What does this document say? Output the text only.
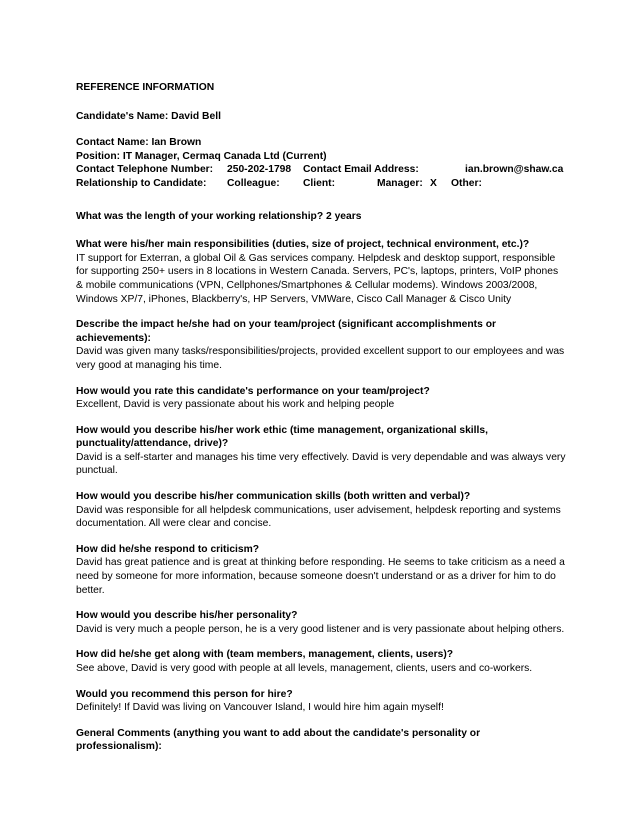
REFERENCE INFORMATION
Candidate's Name: David Bell
Contact Name: Ian Brown
Position: IT Manager, Cermaq Canada Ltd (Current)
Contact Telephone Number:	250-202-1798	Contact Email Address:	ian.brown@shaw.ca
Relationship to Candidate:	Colleague:	Client:	Manager: X	Other:
What was the length of your working relationship? 2 years
What were his/her main responsibilities (duties, size of project, technical environment, etc.)?
IT support for Exterran, a global Oil & Gas services company. Helpdesk and desktop support, responsible for supporting 250+ users in 8 locations in Western Canada. Servers, PC's, laptops, printers, VoIP phones & mobile communications (VPN, Cellphones/Smartphones & Cellular modems). Windows 2003/2008, Windows XP/7, iPhones, Blackberry's, HP Servers, VMWare, Cisco Call Manager & Cisco Unity
Describe the impact he/she had on your team/project (significant accomplishments or achievements):
David was given many tasks/responsibilities/projects, provided excellent support to our employees and was very good at managing his time.
How would you rate this candidate's performance on your team/project?
Excellent, David is very passionate about his work and helping people
How would you describe his/her work ethic (time management, organizational skills, punctuality/attendance, drive)?
David is a self-starter and manages his time very effectively. David is very dependable and was always very punctual.
How would you describe his/her communication skills (both written and verbal)?
David was responsible for all helpdesk communications, user advisement, helpdesk reporting and systems documentation. All were clear and concise.
How did he/she respond to criticism?
David has great patience and is great at thinking before responding. He seems to take criticism as a need a need by someone for more information, because someone doesn't understand or as a driver for him to do better.
How would you describe his/her personality?
David is very much a people person, he is a very good listener and is very passionate about helping others.
How did he/she get along with (team members, management, clients, users)?
See above, David is very good with people at all levels, management, clients, users and co-workers.
Would you recommend this person for hire?
Definitely! If David was living on Vancouver Island, I would hire him again myself!
General Comments (anything you want to add about the candidate's personality or professionalism):
